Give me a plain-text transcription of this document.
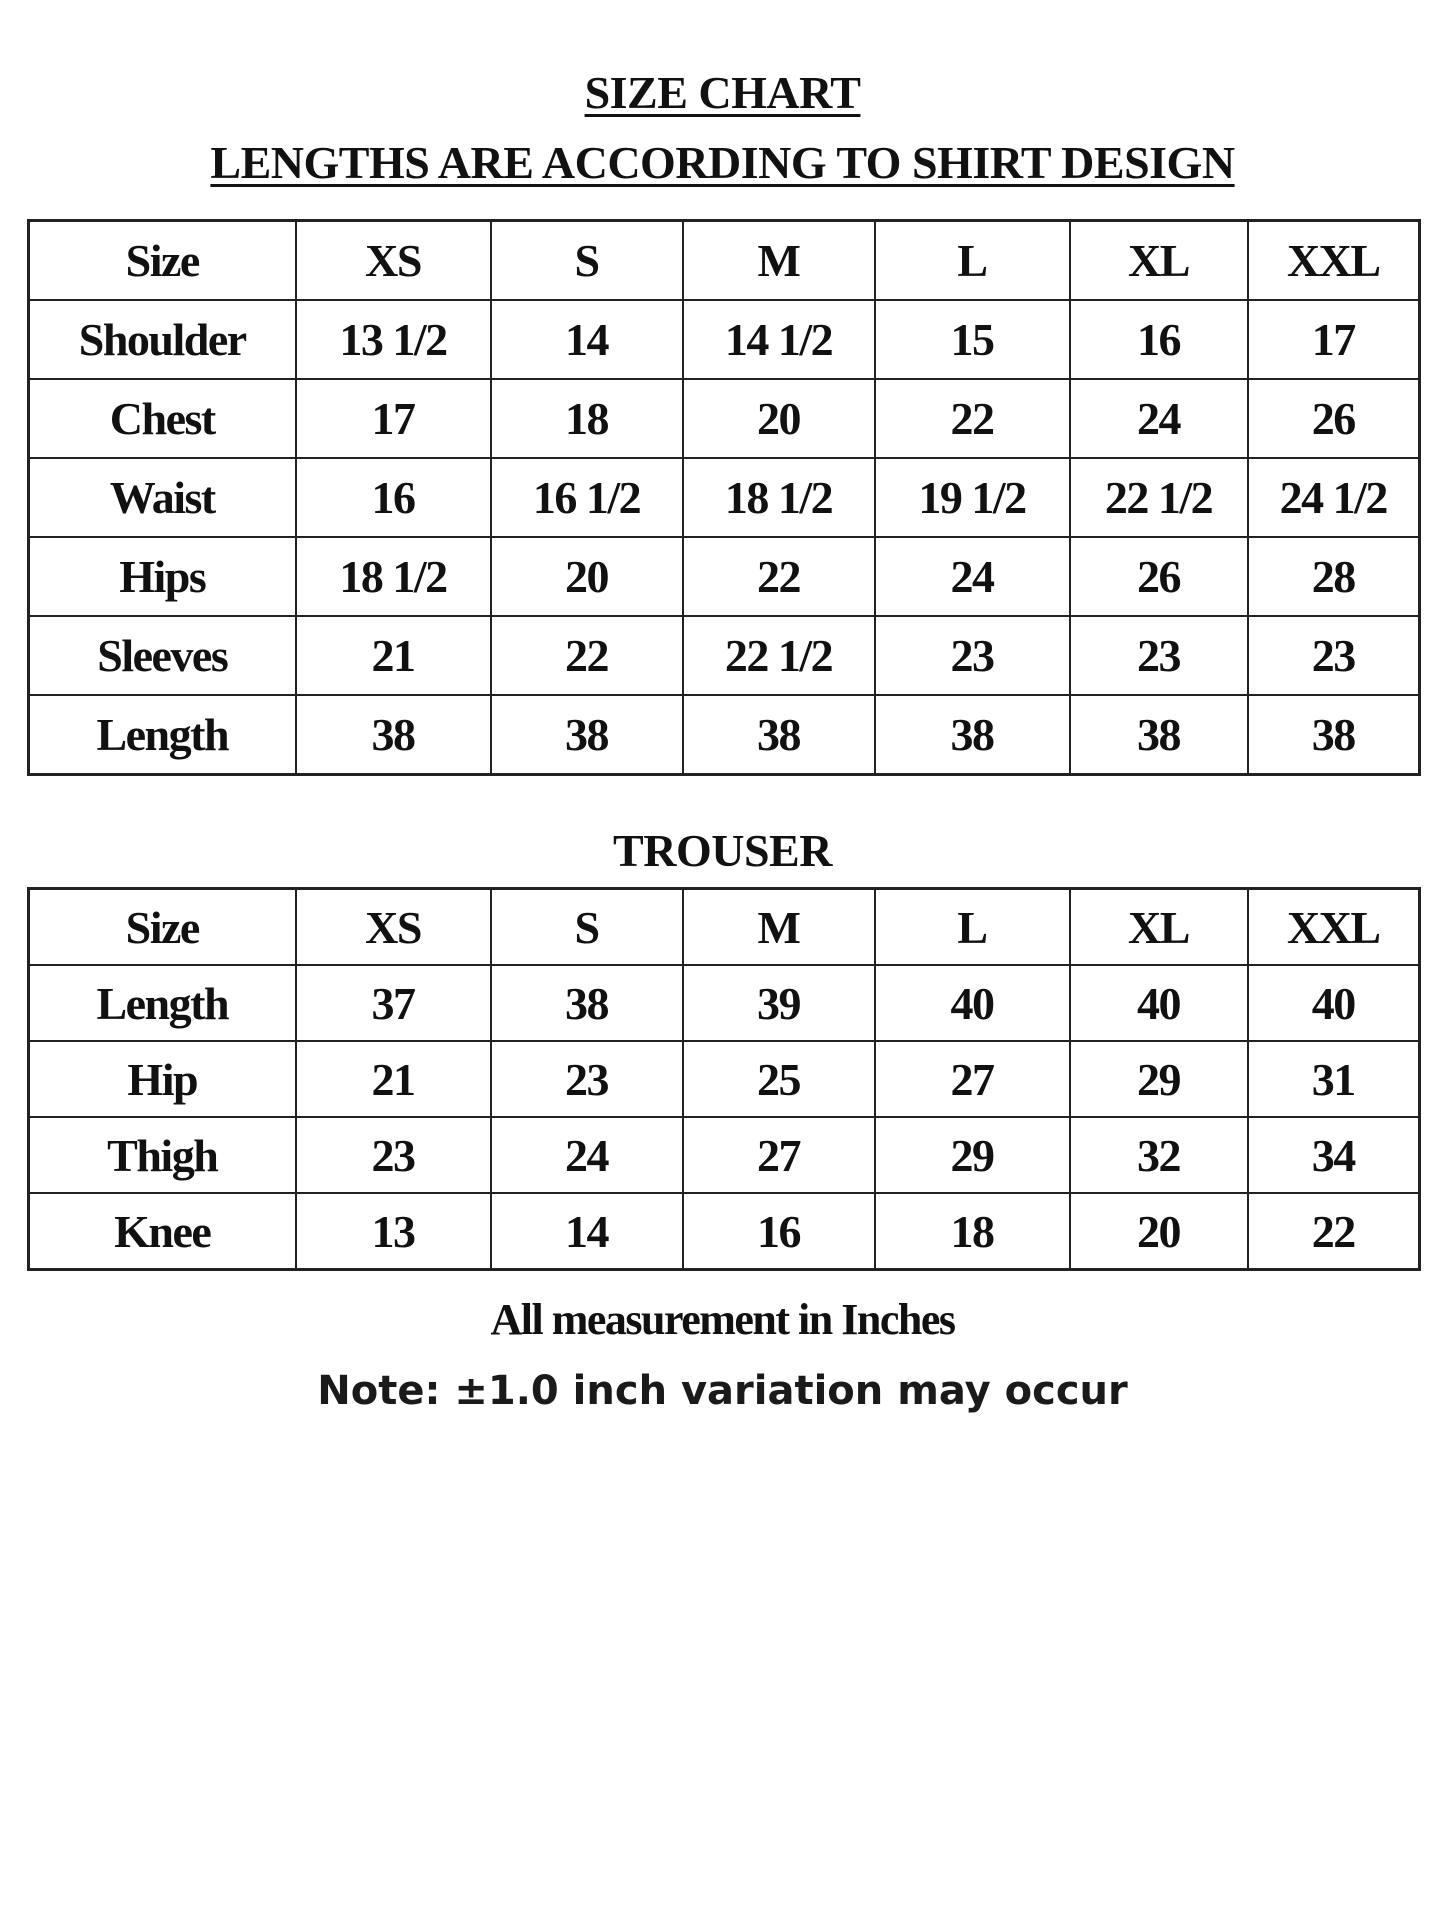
SIZE CHART
LENGTHS ARE ACCORDING TO SHIRT DESIGN
Size	XS	S	M	L	XL	XXL
Shoulder	13 1/2	14	14 1/2	15	16	17
Chest	17	18	20	22	24	26
Waist	16	16 1/2	18 1/2	19 1/2	22 1/2	24 1/2
Hips	18 1/2	20	22	24	26	28
Sleeves	21	22	22 1/2	23	23	23
Length	38	38	38	38	38	38
TROUSER
Size	XS	S	M	L	XL	XXL
Length	37	38	39	40	40	40
Hip	21	23	25	27	29	31
Thigh	23	24	27	29	32	34
Knee	13	14	16	18	20	22
All measurement in Inches
Note: ±1.0 inch variation may occur
